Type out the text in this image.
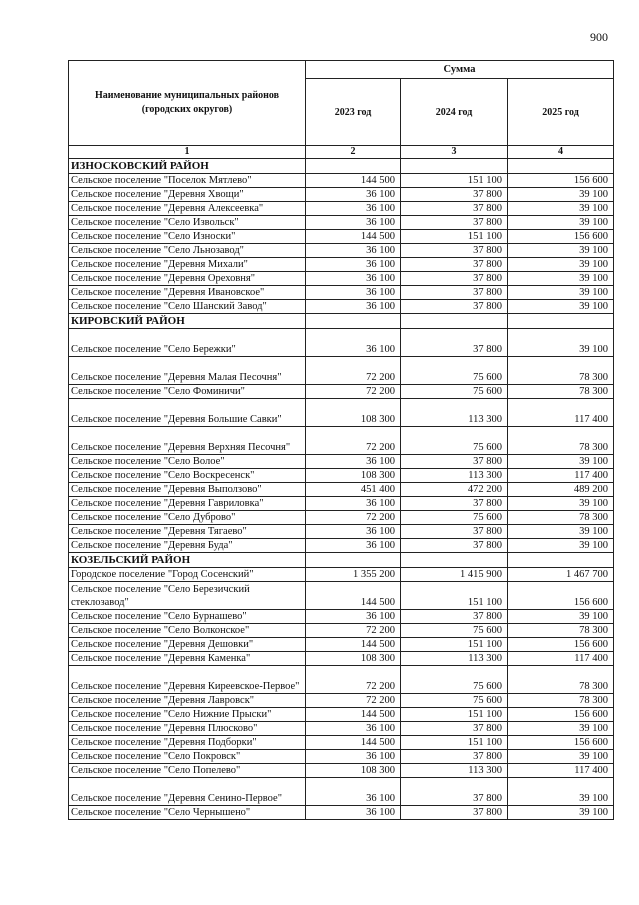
900
Наименование муниципальных районов (городских округов)	Сумма		
	2023 год	2024 год	2025 год
1	2	3	4
ИЗНОСКОВСКИЙ РАЙОН			
Сельское поселение "Поселок Мятлево"	144 500	151 100	156 600
Сельское поселение "Деревня Хвощи"	36 100	37 800	39 100
Сельское поселение "Деревня Алексеевка"	36 100	37 800	39 100
Сельское поселение "Село Извольск"	36 100	37 800	39 100
Сельское поселение "Село Износки"	144 500	151 100	156 600
Сельское поселение "Село Льнозавод"	36 100	37 800	39 100
Сельское поселение "Деревня Михали"	36 100	37 800	39 100
Сельское поселение "Деревня Ореховня"	36 100	37 800	39 100
Сельское поселение "Деревня Ивановское"	36 100	37 800	39 100
Сельское поселение "Село Шанский Завод"	36 100	37 800	39 100
КИРОВСКИЙ РАЙОН			
Сельское поселение "Село Бережки"	36 100	37 800	39 100
Сельское поселение "Деревня Малая Песочня"	72 200	75 600	78 300
Сельское поселение "Село Фоминичи"	72 200	75 600	78 300
Сельское поселение "Деревня Большие Савки"	108 300	113 300	117 400
Сельское поселение "Деревня Верхняя Песочня"	72 200	75 600	78 300
Сельское поселение "Село Волое"	36 100	37 800	39 100
Сельское поселение "Село Воскресенск"	108 300	113 300	117 400
Сельское поселение "Деревня Выползово"	451 400	472 200	489 200
Сельское поселение "Деревня Гавриловка"	36 100	37 800	39 100
Сельское поселение "Село Дуброво"	72 200	75 600	78 300
Сельское поселение "Деревня Тягаево"	36 100	37 800	39 100
Сельское поселение "Деревня Буда"	36 100	37 800	39 100
КОЗЕЛЬСКИЙ РАЙОН			
Городское поселение "Город Сосенский"	1 355 200	1 415 900	1 467 700
Сельское поселение "Село Березичский стеклозавод"	144 500	151 100	156 600
Сельское поселение "Село Бурнашево"	36 100	37 800	39 100
Сельское поселение "Село Волконское"	72 200	75 600	78 300
Сельское поселение "Деревня Дешовки"	144 500	151 100	156 600
Сельское поселение "Деревня Каменка"	108 300	113 300	117 400
Сельское поселение "Деревня Киреевское-Первое"	72 200	75 600	78 300
Сельское поселение "Деревня Лавровск"	72 200	75 600	78 300
Сельское поселение "Село Нижние Прыски"	144 500	151 100	156 600
Сельское поселение "Деревня Плюсково"	36 100	37 800	39 100
Сельское поселение "Деревня Подборки"	144 500	151 100	156 600
Сельское поселение "Село Покровск"	36 100	37 800	39 100
Сельское поселение "Село Попелево"	108 300	113 300	117 400
Сельское поселение "Деревня Сенино-Первое"	36 100	37 800	39 100
Сельское поселение "Село Чернышено"	36 100	37 800	39 100
